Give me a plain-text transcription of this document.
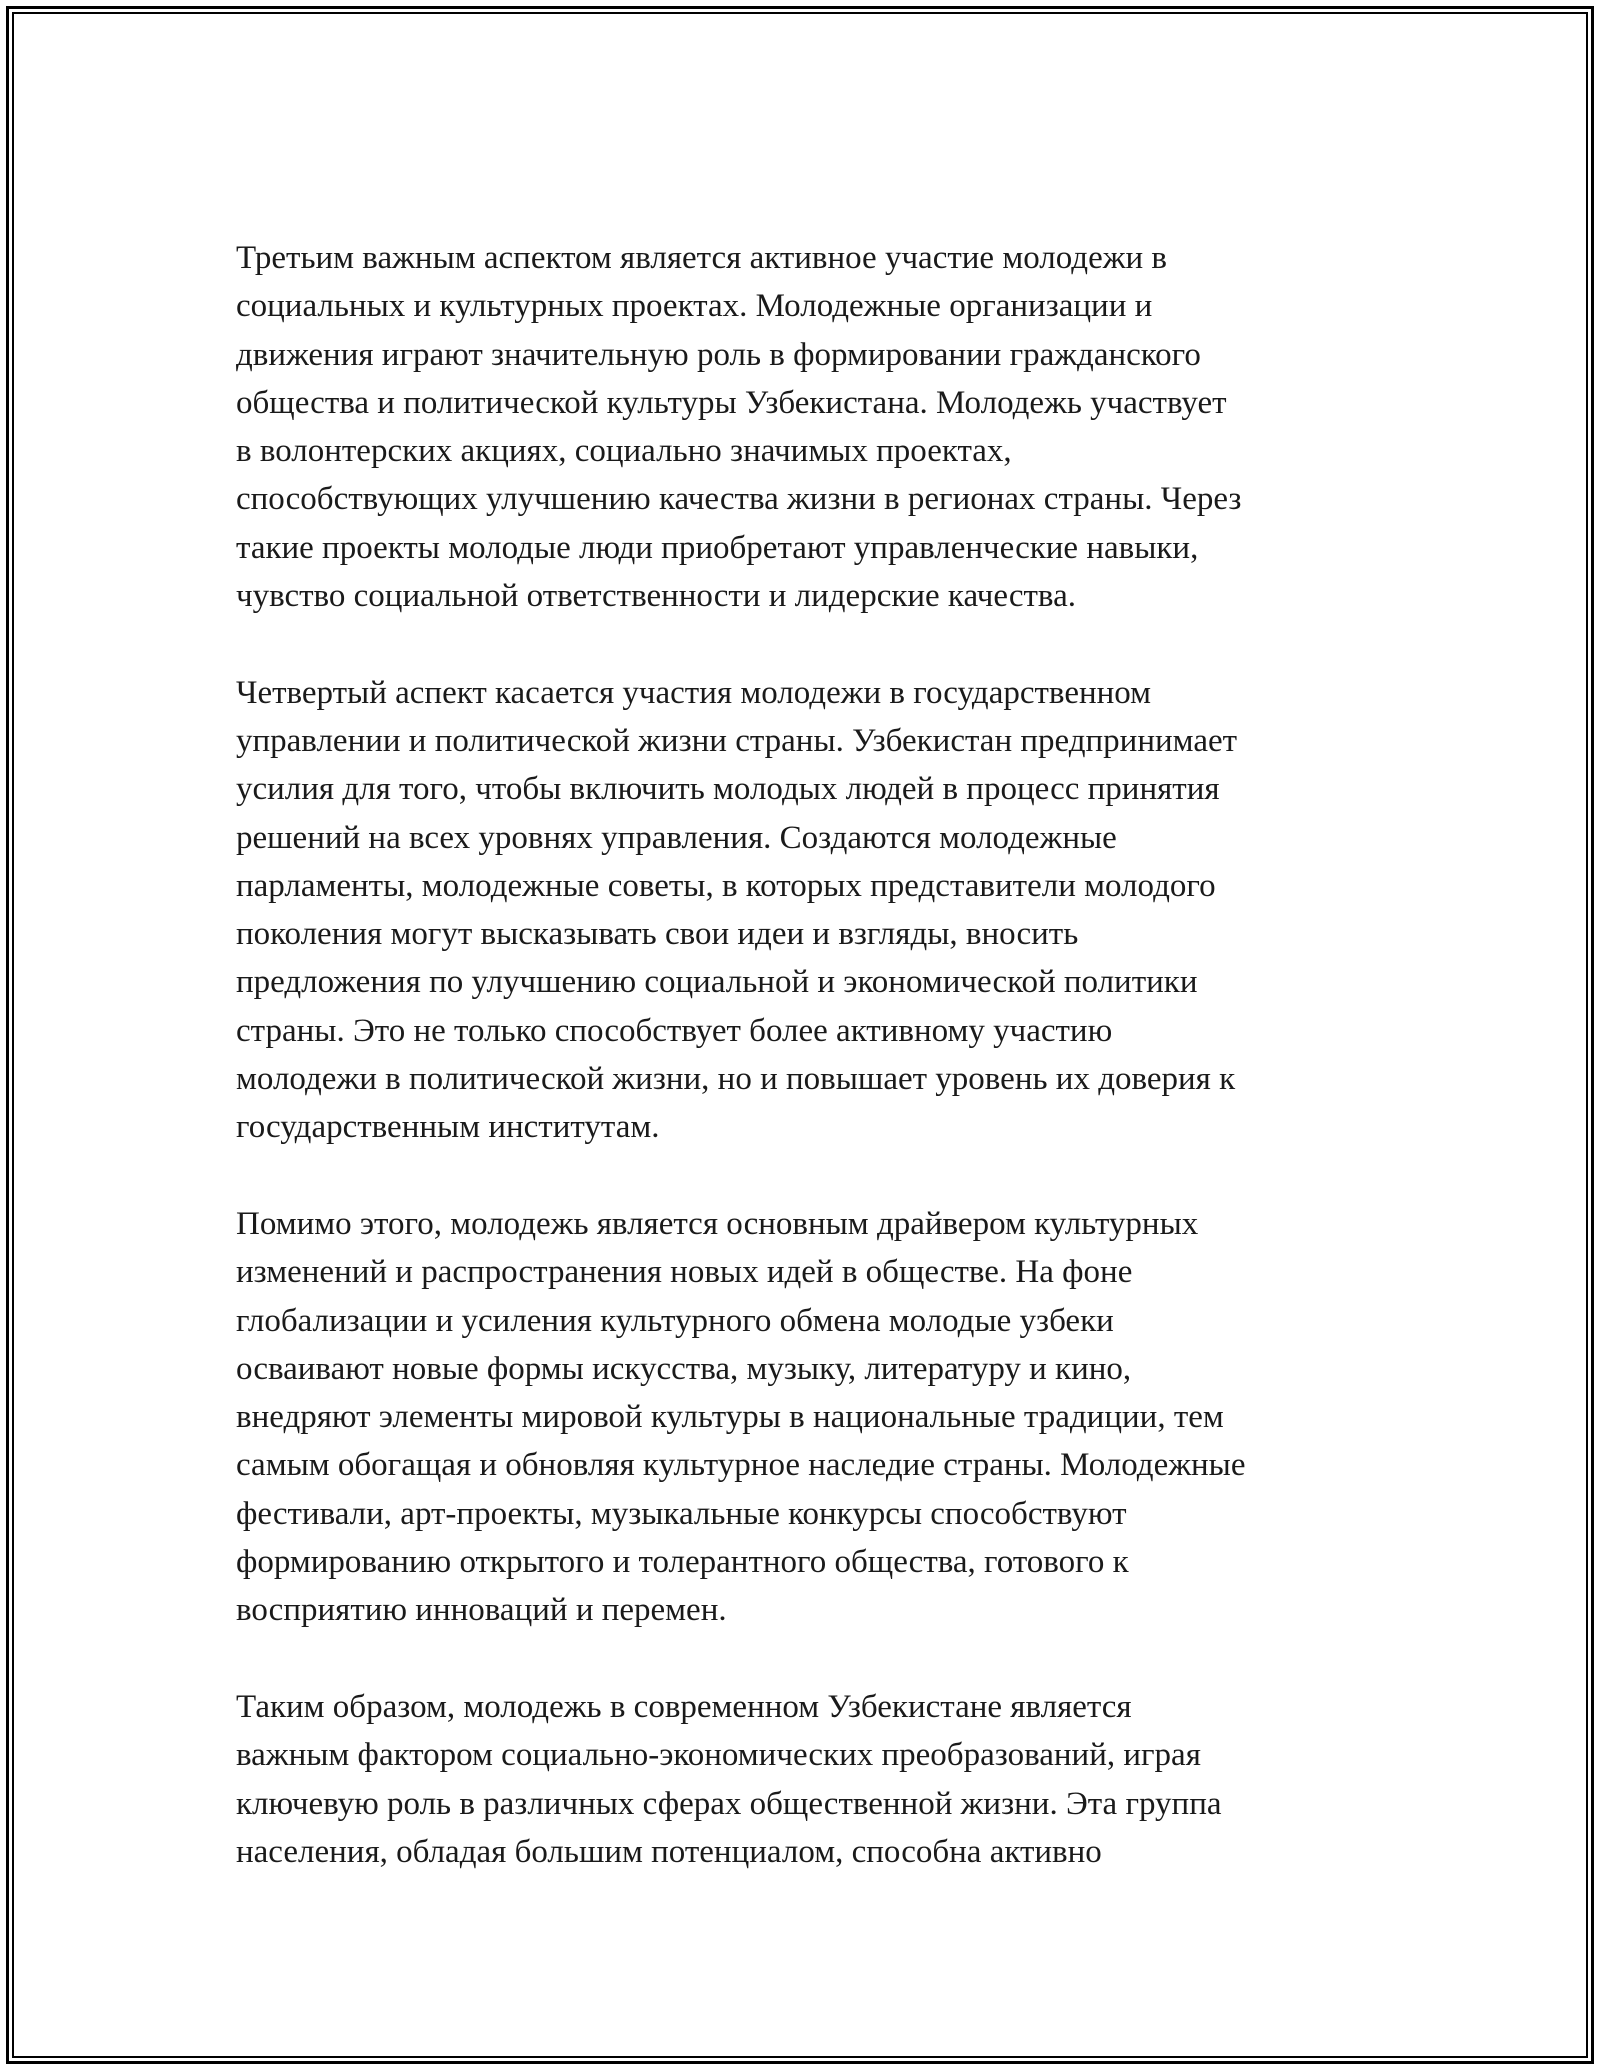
Третьим важным аспектом является активное участие молодежи в
социальных и культурных проектах. Молодежные организации и
движения играют значительную роль в формировании гражданского
общества и политической культуры Узбекистана. Молодежь участвует
в волонтерских акциях, социально значимых проектах,
способствующих улучшению качества жизни в регионах страны. Через
такие проекты молодые люди приобретают управленческие навыки,
чувство социальной ответственности и лидерские качества.
Четвертый аспект касается участия молодежи в государственном
управлении и политической жизни страны. Узбекистан предпринимает
усилия для того, чтобы включить молодых людей в процесс принятия
решений на всех уровнях управления. Создаются молодежные
парламенты, молодежные советы, в которых представители молодого
поколения могут высказывать свои идеи и взгляды, вносить
предложения по улучшению социальной и экономической политики
страны. Это не только способствует более активному участию
молодежи в политической жизни, но и повышает уровень их доверия к
государственным институтам.
Помимо этого, молодежь является основным драйвером культурных
изменений и распространения новых идей в обществе. На фоне
глобализации и усиления культурного обмена молодые узбеки
осваивают новые формы искусства, музыку, литературу и кино,
внедряют элементы мировой культуры в национальные традиции, тем
самым обогащая и обновляя культурное наследие страны. Молодежные
фестивали, арт-проекты, музыкальные конкурсы способствуют
формированию открытого и толерантного общества, готового к
восприятию инноваций и перемен.
Таким образом, молодежь в современном Узбекистане является
важным фактором социально-экономических преобразований, играя
ключевую роль в различных сферах общественной жизни. Эта группа
населения, обладая большим потенциалом, способна активно
